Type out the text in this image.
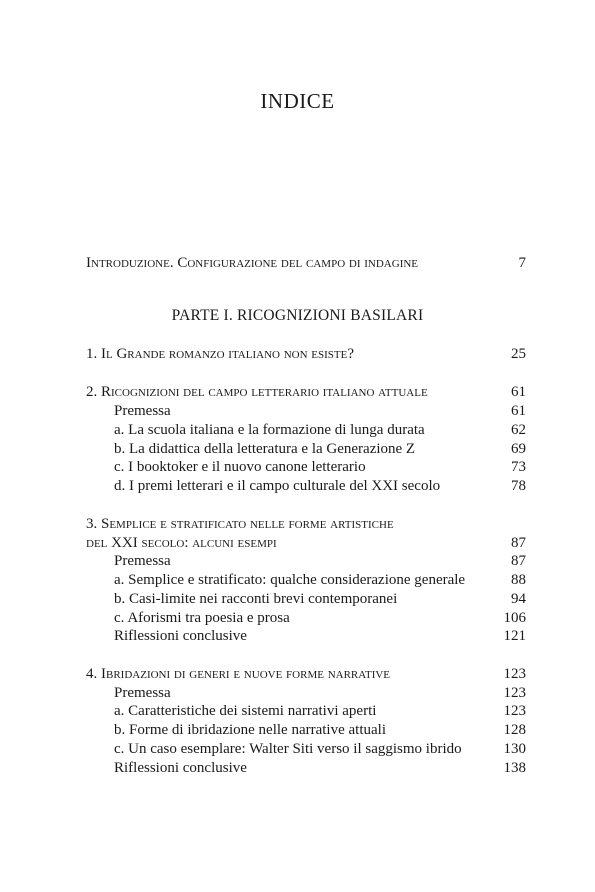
INDICE
Introduzione. Configurazione del campo di indagine	7
PARTE I. RICOGNIZIONI BASILARI
1. Il Grande romanzo italiano non esiste?	25
2. Ricognizioni del campo letterario italiano attuale	61
Premessa	61
a. La scuola italiana e la formazione di lunga durata	62
b. La didattica della letteratura e la Generazione Z	69
c. I booktoker e il nuovo canone letterario	73
d. I premi letterari e il campo culturale del XXI secolo	78
3. Semplice e stratificato nelle forme artistiche
del XXI secolo: alcuni esempi	87
Premessa	87
a. Semplice e stratificato: qualche considerazione generale	88
b. Casi-limite nei racconti brevi contemporanei	94
c. Aforismi tra poesia e prosa	106
Riflessioni conclusive	121
4. Ibridazioni di generi e nuove forme narrative	123
Premessa	123
a. Caratteristiche dei sistemi narrativi aperti	123
b. Forme di ibridazione nelle narrative attuali	128
c. Un caso esemplare: Walter Siti verso il saggismo ibrido	130
Riflessioni conclusive	138
